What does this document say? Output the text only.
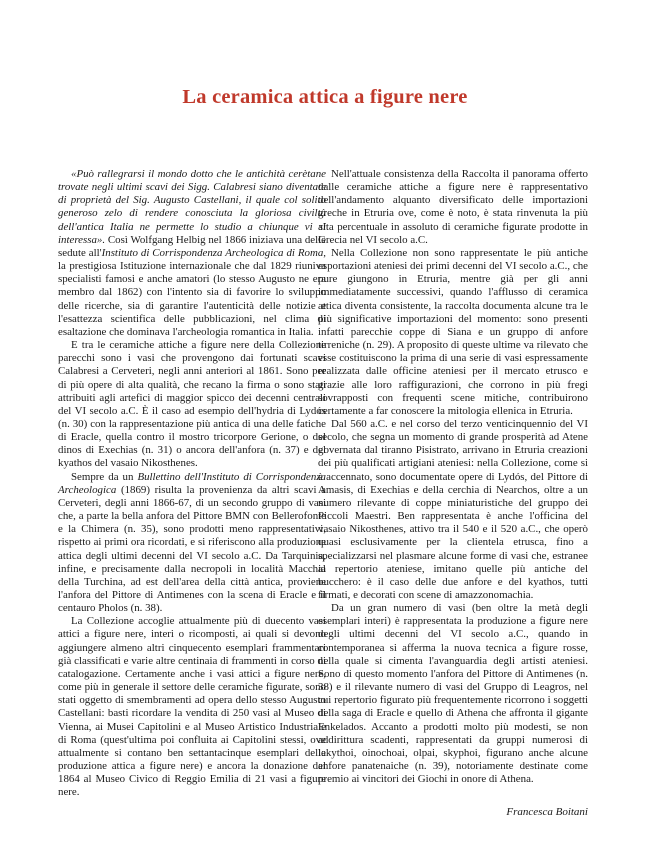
La ceramica attica a figure nere

«Può rallegrarsi il mondo dotto che le antichità cerètane trovate negli ultimi scavi dei Sigg. Calabresi siano diventate di proprietà del Sig. Augusto Castellani, il quale col solito generoso zelo di rendere conosciuta la gloriosa civiltà dell'antica Italia ne permette lo studio a chiunque vi si interessa». Così Wolfgang Helbig nel 1866 iniziava una delle sedute all'Instituto di Corrispondenza Archeologica di Roma, la prestigiosa Istituzione internazionale che dal 1829 riuniva specialisti famosi e anche amatori (lo stesso Augusto ne era membro dal 1862) con l'intento sia di favorire lo sviluppo delle ricerche, sia di garantire l'autenticità delle notizie e l'esattezza scientifica delle pubblicazioni, nel clima di esaltazione che dominava l'archeologia romantica in Italia.

E tra le ceramiche attiche a figure nere della Collezione parecchi sono i vasi che provengono dai fortunati scavi Calabresi a Cerveteri, negli anni anteriori al 1861. Sono per di più opere di alta qualità, che recano la firma o sono stati attribuiti agli artefici di maggior spicco dei decenni centrali del VI secolo a.C. È il caso ad esempio dell'hydria di Lydós (n. 30) con la rappresentazione più antica di una delle fatiche di Eracle, quella contro il mostro tricorpore Gerione, o del dinos di Exechias (n. 31) o ancora dell'anfora (n. 37) e del kyathos del vasaio Nikosthenes.

Sempre da un Bullettino dell'Instituto di Corrispondenza Archeologica (1869) risulta la provenienza da altri scavi a Cerveteri, degli anni 1866-67, di un secondo gruppo di vasi che, a parte la bella anfora del Pittore BMN con Bellerofonte e la Chimera (n. 35), sono prodotti meno rappresentativi, rispetto ai primi ora ricordati, e si riferiscono alla produzione attica degli ultimi decenni del VI secolo a.C. Da Tarquinia, infine, e precisamente dalla necropoli in località Macchia della Turchina, ad est dell'area della città antica, proviene l'anfora del Pittore di Antimenes con la scena di Eracle e il centauro Pholos (n. 38).

La Collezione accoglie attualmente più di duecento vasi attici a figure nere, interi o ricomposti, ai quali si devono aggiungere almeno altri cinquecento esemplari frammentari già classificati e varie altre centinaia di frammenti in corso di catalogazione. Certamente anche i vasi attici a figure nere, come più in generale il settore delle ceramiche figurate, sono stati oggetto di smembramenti ad opera dello stesso Augusto Castellani: basti ricordare la vendita di 250 vasi al Museo di Vienna, ai Musei Capitolini e al Museo Artistico Industriale di Roma (quest'ultima poi confluita ai Capitolini stessi, ove attualmente si contano ben settantacinque esemplari della produzione attica a figure nere) e ancora la donazione del 1864 al Museo Civico di Reggio Emilia di 21 vasi a figure nere.

Nell'attuale consistenza della Raccolta il panorama offerto dalle ceramiche attiche a figure nere è rappresentativo dell'andamento alquanto diversificato delle importazioni greche in Etruria ove, come è noto, è stata rinvenuta la più alta percentuale in assoluto di ceramiche figurate prodotte in Grecia nel VI secolo a.C.

Nella Collezione non sono rappresentate le più antiche esportazioni ateniesi dei primi decenni del VI secolo a.C., che pure giungono in Etruria, mentre già per gli anni immediatamente successivi, quando l'afflusso di ceramica attica diventa consistente, la raccolta documenta alcune tra le più significative importazioni del momento: sono presenti infatti parecchie coppe di Siana e un gruppo di anfore tirreniche (n. 29). A proposito di queste ultime va rilevato che esse costituiscono la prima di una serie di vasi espressamente realizzata dalle officine ateniesi per il mercato etrusco e grazie alle loro raffigurazioni, che corrono in più fregi sovrapposti con frequenti scene mitiche, contribuirono certamente a far conoscere la mitologia ellenica in Etruria.

Dal 560 a.C. e nel corso del terzo venticinquennio del VI secolo, che segna un momento di grande prosperità ad Atene governata dal tiranno Pisistrato, arrivano in Etruria creazioni dei più qualificati artigiani ateniesi: nella Collezione, come si è accennato, sono documentate opere di Lydós, del Pittore di Amasis, di Exechias e della cerchia di Nearchos, oltre a un numero rilevante di coppe miniaturistiche del gruppo dei Piccoli Maestri. Ben rappresentata è anche l'officina del vasaio Nikosthenes, attivo tra il 540 e il 520 a.C., che operò quasi esclusivamente per la clientela etrusca, fino a specializzarsi nel plasmare alcune forme di vasi che, estranee al repertorio ateniese, imitano quelle più antiche del bucchero: è il caso delle due anfore e del kyathos, tutti firmati, e decorati con scene di amazzonomachia.

Da un gran numero di vasi (ben oltre la metà degli esemplari interi) è rappresentata la produzione a figure nere degli ultimi decenni del VI secolo a.C., quando in contemporanea si afferma la nuova tecnica a figure rosse, nella quale si cimenta l'avanguardia degli artisti ateniesi. Sono di questo momento l'anfora del Pittore di Antimenes (n. 38) e il rilevante numero di vasi del Gruppo di Leagros, nel cui repertorio figurato più frequentemente ricorrono i soggetti della saga di Eracle e quello di Athena che affronta il gigante Enkelados. Accanto a prodotti molto più modesti, se non addirittura scadenti, rappresentati da gruppi numerosi di lekythoi, oinochoai, olpai, skyphoi, figurano anche alcune anfore panatenaiche (n. 39), notoriamente destinate come premio ai vincitori dei Giochi in onore di Athena.

Francesca Boitani
